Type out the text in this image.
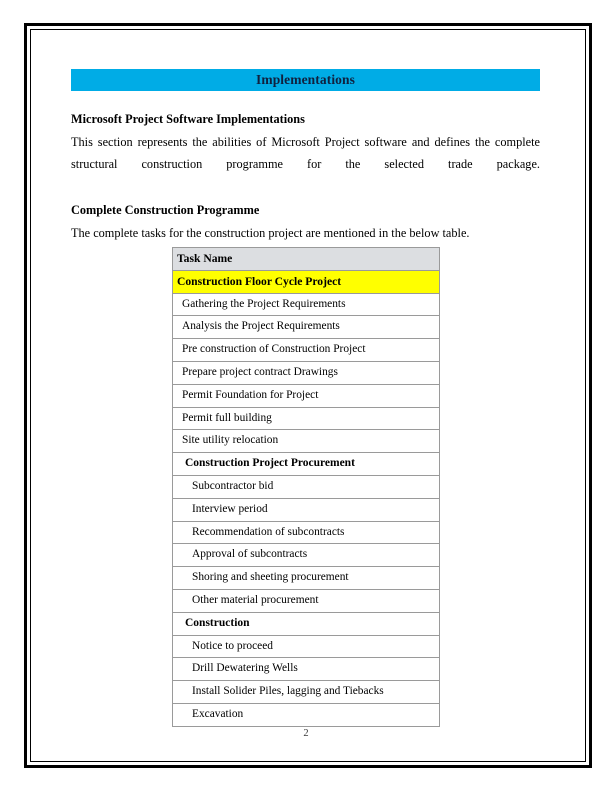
Implementations

Microsoft Project Software Implementations

This section represents the abilities of Microsoft Project software and defines the complete structural construction programme for the selected trade package.

Complete Construction Programme

The complete tasks for the construction project are mentioned in the below table.

Task Name
Construction Floor Cycle Project
Gathering the Project Requirements
Analysis the Project Requirements
Pre construction of Construction Project
Prepare project contract Drawings
Permit Foundation for Project
Permit full building
Site utility relocation
Construction Project Procurement
Subcontractor bid
Interview period
Recommendation of subcontracts
Approval of subcontracts
Shoring and sheeting procurement
Other material procurement
Construction
Notice to proceed
Drill Dewatering Wells
Install Solider Piles, lagging and Tiebacks
Excavation
2
